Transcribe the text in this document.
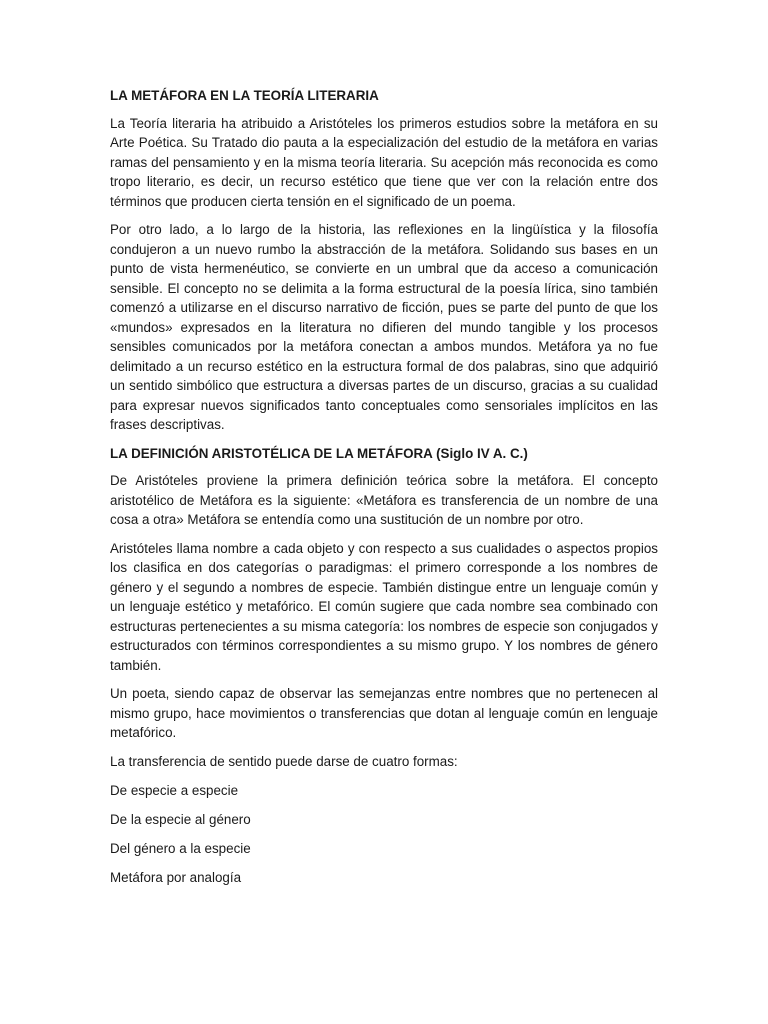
LA METÁFORA EN LA TEORÍA LITERARIA

La Teoría literaria ha atribuido a Aristóteles los primeros estudios sobre la metáfora en su Arte Poética. Su Tratado dio pauta a la especialización del estudio de la metáfora en varias ramas del pensamiento y en la misma teoría literaria. Su acepción más reconocida es como tropo literario, es decir, un recurso estético que tiene que ver con la relación entre dos términos que producen cierta tensión en el significado de un poema.

Por otro lado, a lo largo de la historia, las reflexiones en la lingüística y la filosofía condujeron a un nuevo rumbo la abstracción de la metáfora. Solidando sus bases en un punto de vista hermenéutico, se convierte en un umbral que da acceso a comunicación sensible. El concepto no se delimita a la forma estructural de la poesía lírica, sino también comenzó a utilizarse en el discurso narrativo de ficción, pues se parte del punto de que los «mundos» expresados en la literatura no difieren del mundo tangible y los procesos sensibles comunicados por la metáfora conectan a ambos mundos. Metáfora ya no fue delimitado a un recurso estético en la estructura formal de dos palabras, sino que adquirió un sentido simbólico que estructura a diversas partes de un discurso, gracias a su cualidad para expresar nuevos significados tanto conceptuales como sensoriales implícitos en las frases descriptivas.

LA DEFINICIÓN ARISTOTÉLICA DE LA METÁFORA (Siglo IV A. C.)

De Aristóteles proviene la primera definición teórica sobre la metáfora. El concepto aristotélico de Metáfora es la siguiente: «Metáfora es transferencia de un nombre de una cosa a otra» Metáfora se entendía como una sustitución de un nombre por otro.

Aristóteles llama nombre a cada objeto y con respecto a sus cualidades o aspectos propios los clasifica en dos categorías o paradigmas: el primero corresponde a los nombres de género y el segundo a nombres de especie. También distingue entre un lenguaje común y un lenguaje estético y metafórico. El común sugiere que cada nombre sea combinado con estructuras pertenecientes a su misma categoría: los nombres de especie son conjugados y estructurados con términos correspondientes a su mismo grupo. Y los nombres de género también.

Un poeta, siendo capaz de observar las semejanzas entre nombres que no pertenecen al mismo grupo, hace movimientos o transferencias que dotan al lenguaje común en lenguaje metafórico.

La transferencia de sentido puede darse de cuatro formas:

De especie a especie

De la especie al género

Del género a la especie

Metáfora por analogía
